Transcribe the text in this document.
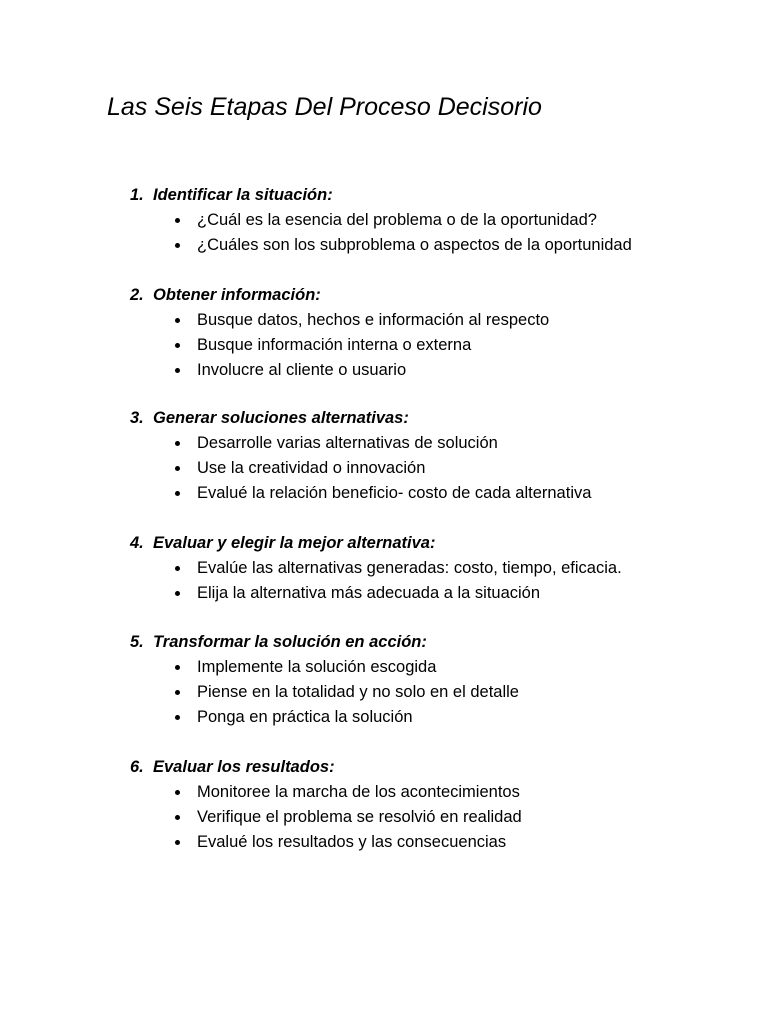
Las Seis Etapas Del Proceso Decisorio
1. Identificar la situación:
¿Cuál es la esencia del problema o de la oportunidad?
¿Cuáles son los subproblema o aspectos de la oportunidad
2. Obtener información:
Busque datos, hechos e información al respecto
Busque información interna o externa
Involucre al cliente o usuario
3. Generar soluciones alternativas:
Desarrolle varias alternativas de solución
Use la creatividad o innovación
Evalué la relación beneficio- costo de cada alternativa
4. Evaluar y elegir la mejor alternativa:
Evalúe las alternativas generadas: costo, tiempo, eficacia.
Elija la alternativa más adecuada a la situación
5. Transformar la solución en acción:
Implemente la solución escogida
Piense en la totalidad y no solo en el detalle
Ponga en práctica la solución
6. Evaluar los resultados:
Monitoree la marcha de los acontecimientos
Verifique el problema se resolvió en realidad
Evalué los resultados y las consecuencias
